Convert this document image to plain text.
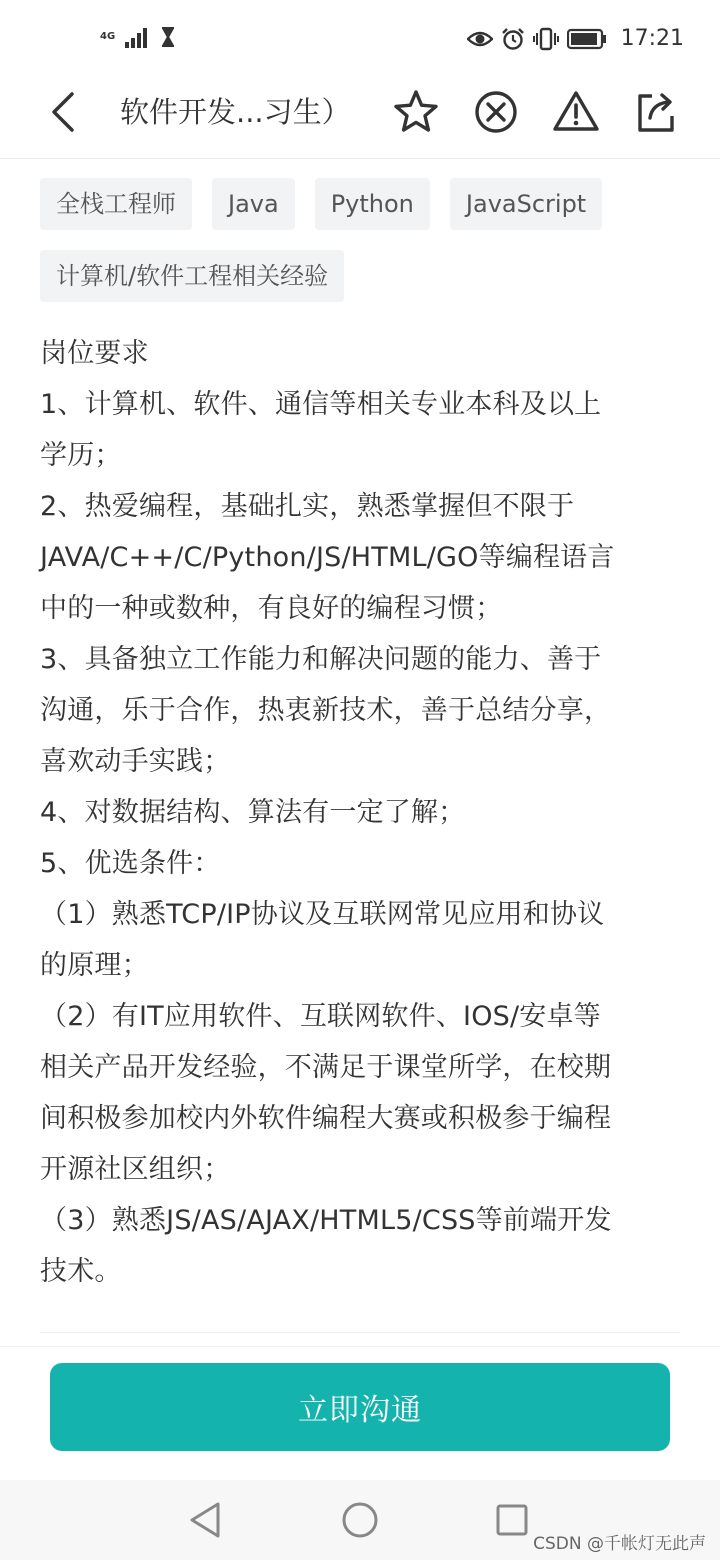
4G	17:21
软件开发...习生）
全栈工程师	Java	Python	JavaScript
计算机/软件工程相关经验
岗位要求
1、计算机、软件、通信等相关专业本科及以上
学历；
2、热爱编程，基础扎实，熟悉掌握但不限于
JAVA/C++/C/Python/JS/HTML/GO等编程语言
中的一种或数种，有良好的编程习惯；
3、具备独立工作能力和解决问题的能力、善于
沟通，乐于合作，热衷新技术，善于总结分享，
喜欢动手实践；
4、对数据结构、算法有一定了解；
5、优选条件：
（1）熟悉TCP/IP协议及互联网常见应用和协议
的原理；
（2）有IT应用软件、互联网软件、IOS/安卓等
相关产品开发经验，不满足于课堂所学，在校期
间积极参加校内外软件编程大赛或积极参于编程
开源社区组织；
（3）熟悉JS/AS/AJAX/HTML5/CSS等前端开发
技术。
立即沟通
CSDN @千帐灯无此声
